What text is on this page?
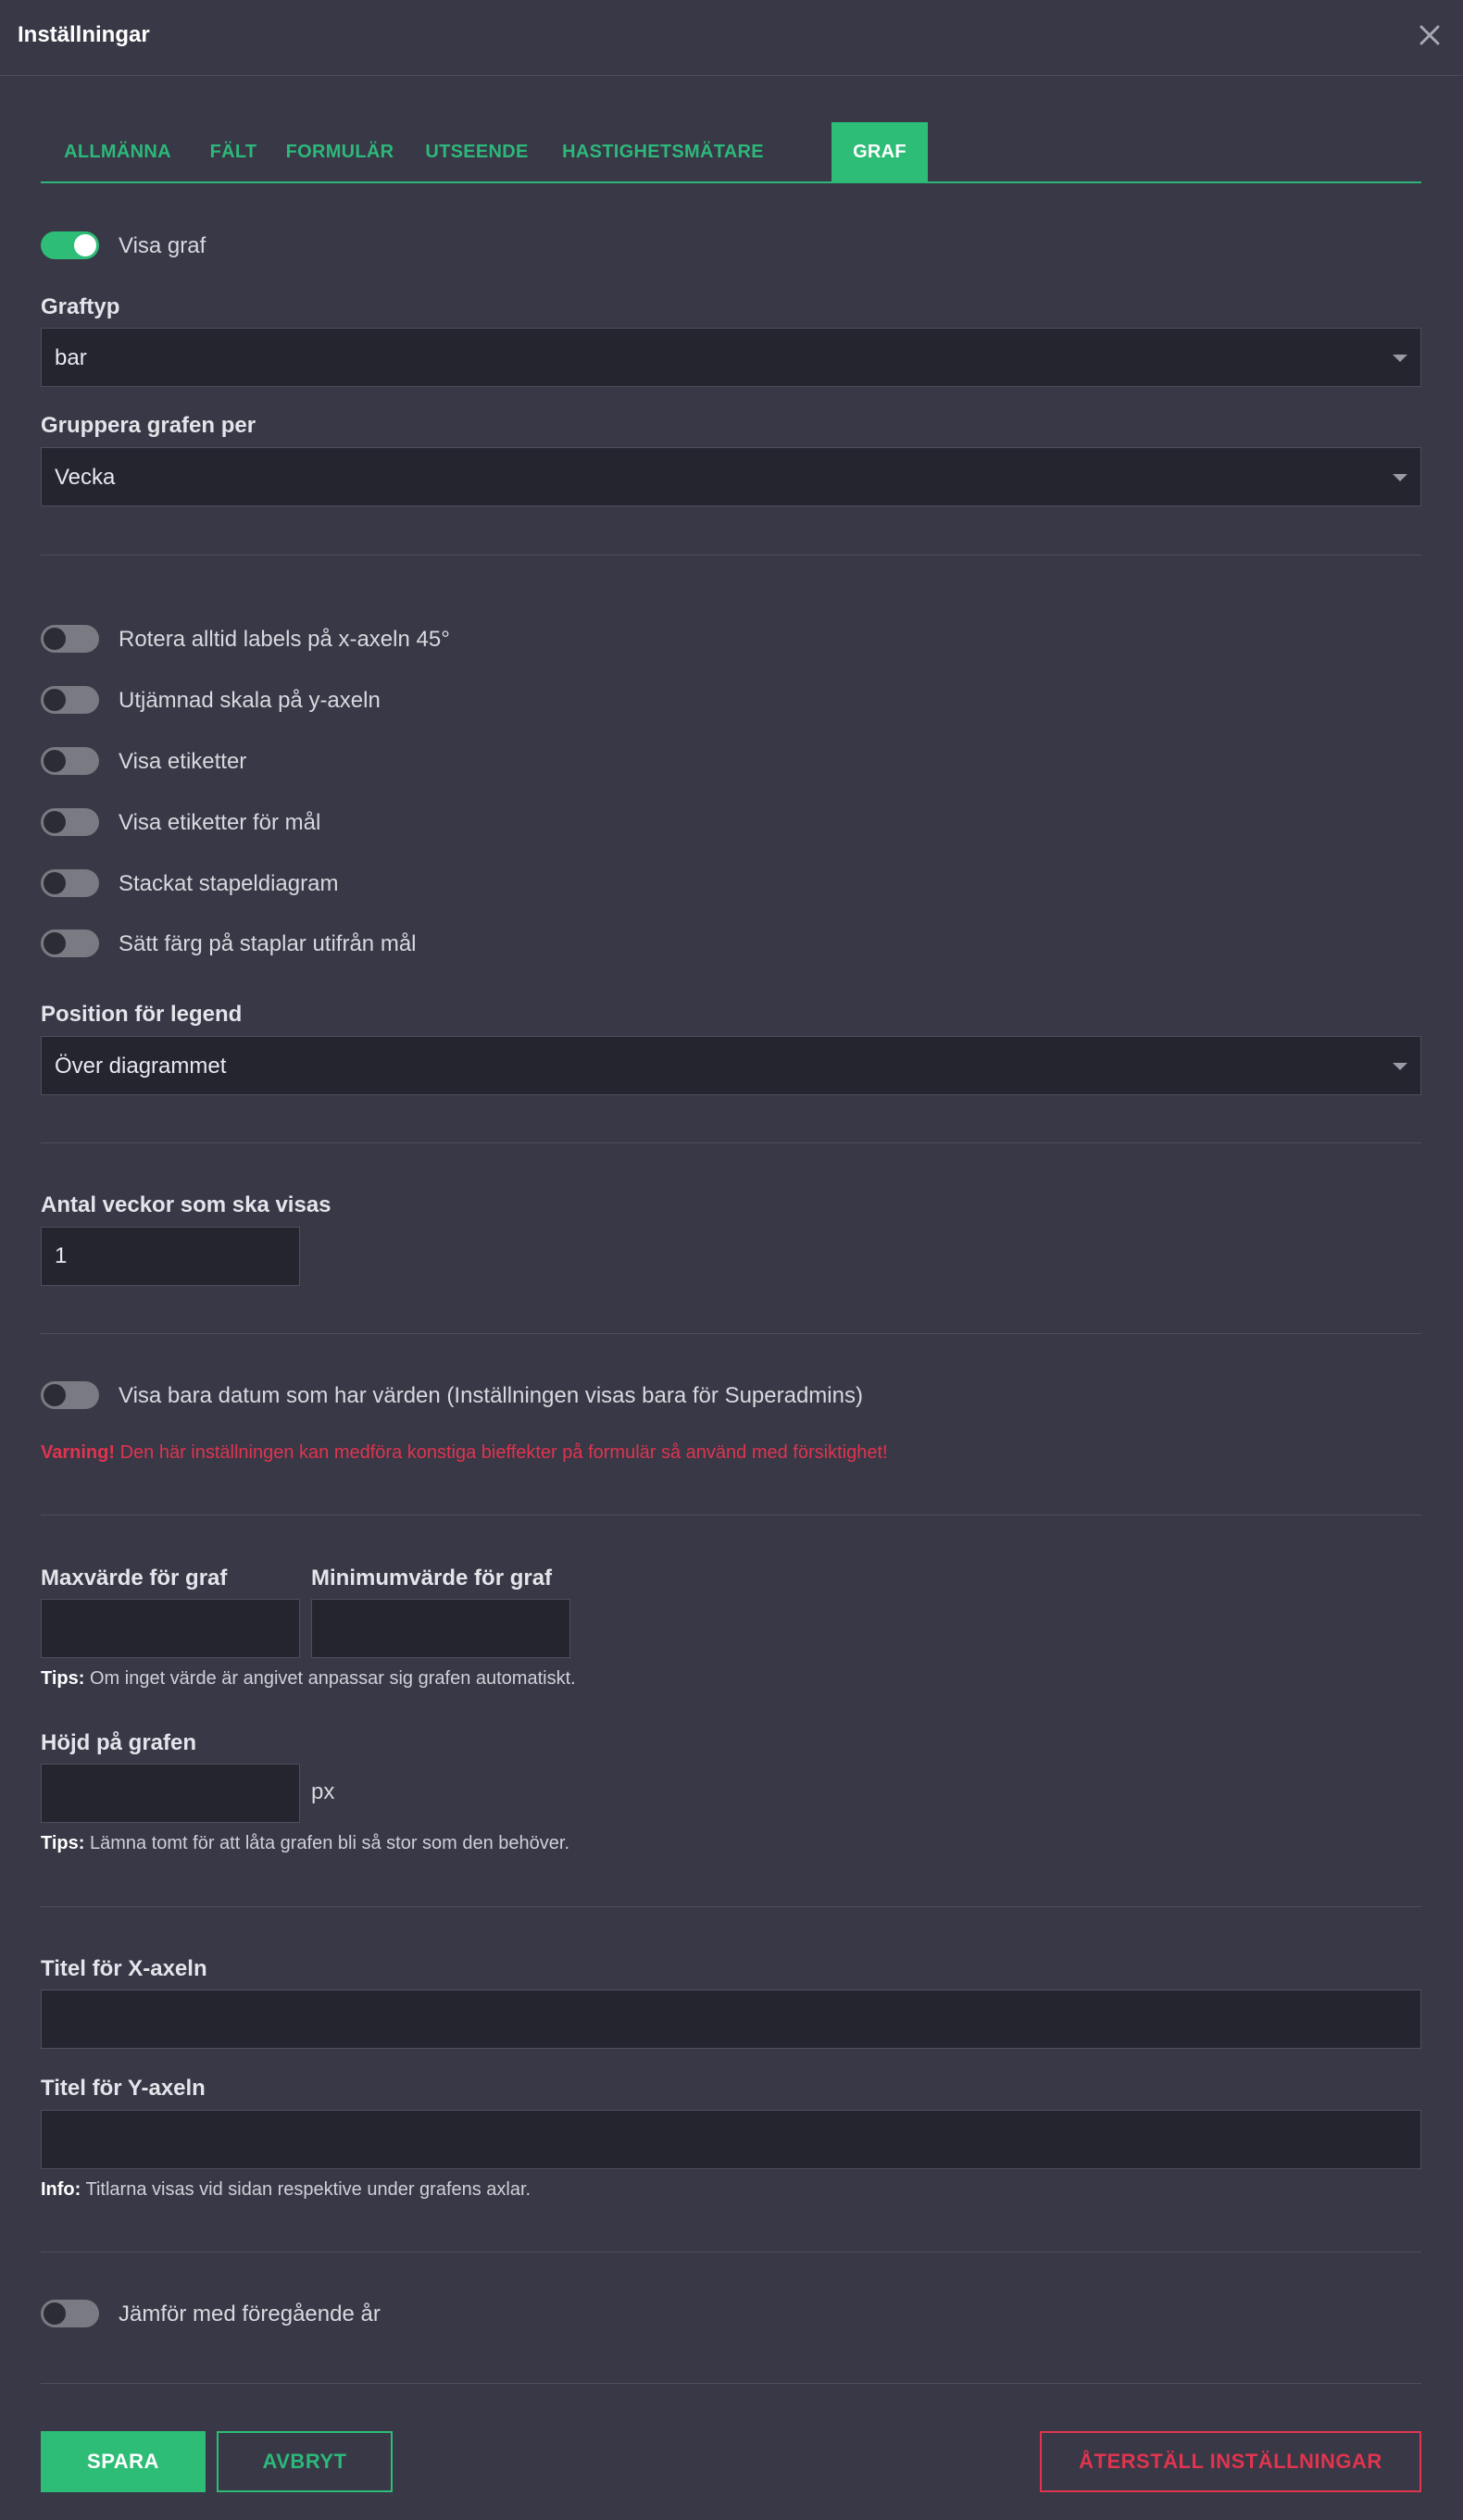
Inställningar
ALLMÄNNA	FÄLT	FORMULÄR	UTSEENDE	HASTIGHETSMÄTARE	GRAF
Visa graf
Graftyp
bar
Gruppera grafen per
Vecka
Rotera alltid labels på x-axeln 45°
Utjämnad skala på y-axeln
Visa etiketter
Visa etiketter för mål
Stackat stapeldiagram
Sätt färg på staplar utifrån mål
Position för legend
Över diagrammet
Antal veckor som ska visas
1
Visa bara datum som har värden (Inställningen visas bara för Superadmins)
Varning! Den här inställningen kan medföra konstiga bieffekter på formulär så använd med försiktighet!
Maxvärde för graf	Minimumvärde för graf
Tips: Om inget värde är angivet anpassar sig grafen automatiskt.
Höjd på grafen
px
Tips: Lämna tomt för att låta grafen bli så stor som den behöver.
Titel för X-axeln
Titel för Y-axeln
Info: Titlarna visas vid sidan respektive under grafens axlar.
Jämför med föregående år
SPARA	AVBRYT	ÅTERSTÄLL INSTÄLLNINGAR
